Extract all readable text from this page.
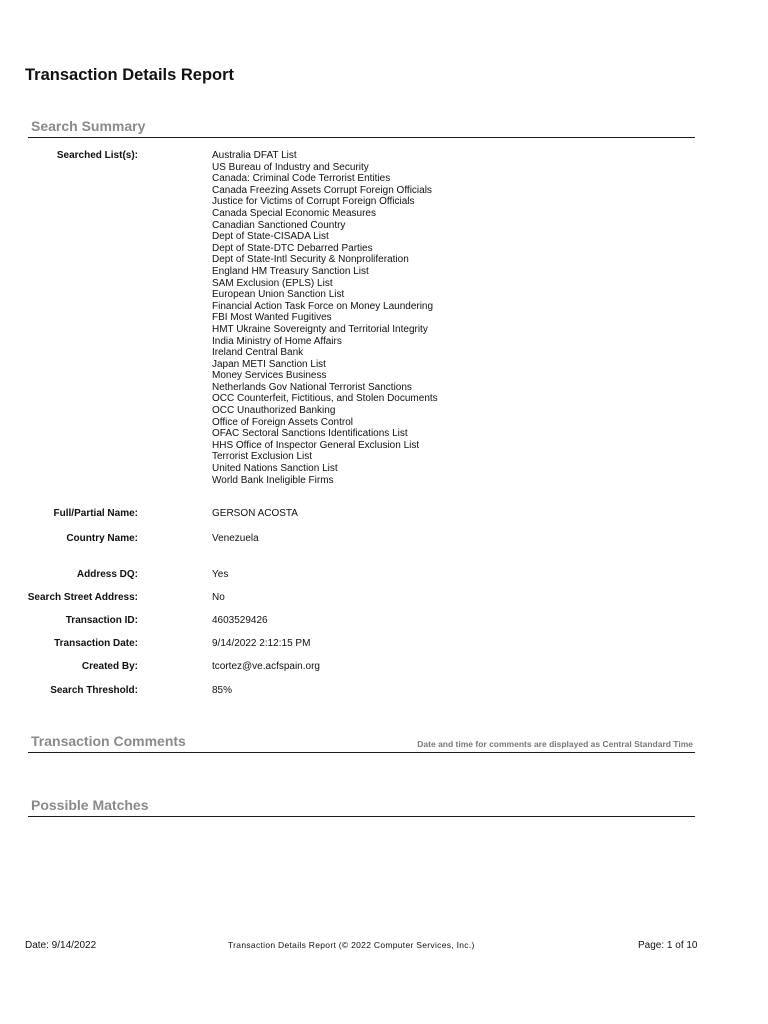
Transaction Details Report
Search Summary
Searched List(s):	Australia DFAT List
US Bureau of Industry and Security
Canada: Criminal Code Terrorist Entities
Canada Freezing Assets Corrupt Foreign Officials
Justice for Victims of Corrupt Foreign Officials
Canada Special Economic Measures
Canadian Sanctioned Country
Dept of State-CISADA List
Dept of State-DTC Debarred Parties
Dept of State-Intl Security & Nonproliferation
England HM Treasury Sanction List
SAM Exclusion (EPLS) List
European Union Sanction List
Financial Action Task Force on Money Laundering
FBI Most Wanted Fugitives
HMT Ukraine Sovereignty and Territorial Integrity
India Ministry of Home Affairs
Ireland Central Bank
Japan METI Sanction List
Money Services Business
Netherlands Gov National Terrorist Sanctions
OCC Counterfeit, Fictitious, and Stolen Documents
OCC Unauthorized Banking
Office of Foreign Assets Control
OFAC Sectoral Sanctions Identifications List
HHS Office of Inspector General Exclusion List
Terrorist Exclusion List
United Nations Sanction List
World Bank Ineligible Firms
Full/Partial Name:	GERSON ACOSTA
Country Name:	Venezuela
Address DQ:	Yes
Search Street Address:	No
Transaction ID:	4603529426
Transaction Date:	9/14/2022 2:12:15 PM
Created By:	tcortez@ve.acfspain.org
Search Threshold:	85%
Transaction Comments	Date and time for comments are displayed as Central Standard Time
Possible Matches
Date: 9/14/2022	Transaction Details Report (© 2022 Computer Services, Inc.)	Page: 1 of 10
